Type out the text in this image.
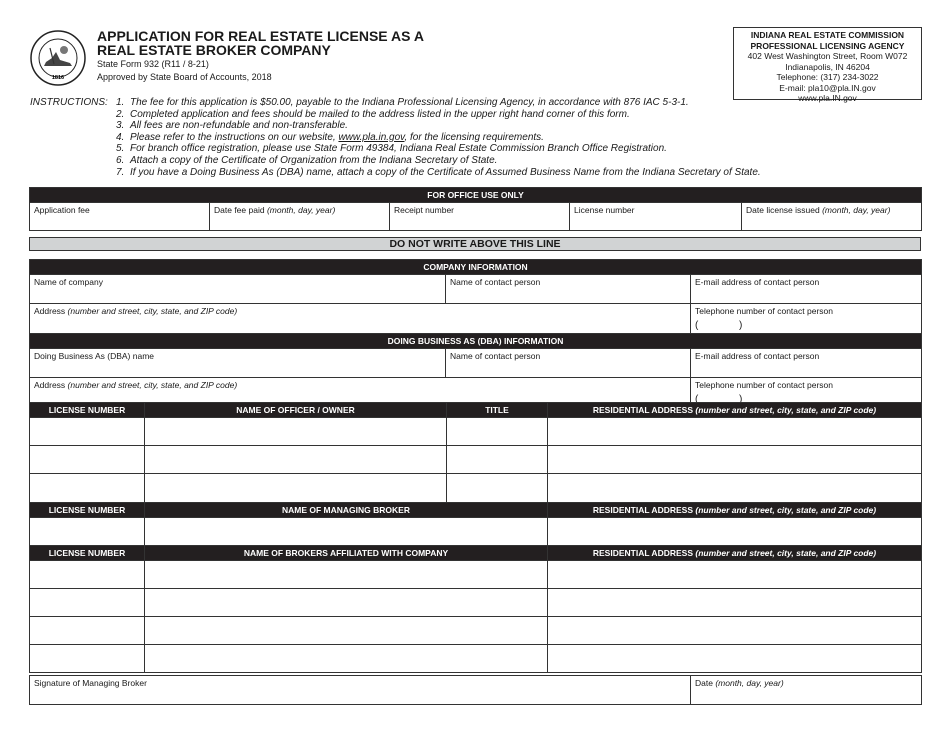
1816
APPLICATION FOR REAL ESTATE LICENSE AS A
REAL ESTATE BROKER COMPANY
State Form 932 (R11 / 8-21)
Approved by State Board of Accounts, 2018
INDIANA REAL ESTATE COMMISSION
PROFESSIONAL LICENSING AGENCY
402 West Washington Street, Room W072
Indianapolis, IN 46204
Telephone: (317) 234-3022
E-mail: pla10@pla.IN.gov
www.pla.IN.gov
INSTRUCTIONS: 1. The fee for this application is $50.00, payable to the Indiana Professional Licensing Agency, in accordance with 876 IAC 5-3-1.
2. Completed application and fees should be mailed to the address listed in the upper right hand corner of this form.
3. All fees are non-refundable and non-transferable.
4. Please refer to the instructions on our website, www.pla.in.gov, for the licensing requirements.
5. For branch office registration, please use State Form 49384, Indiana Real Estate Commission Branch Office Registration.
6. Attach a copy of the Certificate of Organization from the Indiana Secretary of State.
7. If you have a Doing Business As (DBA) name, attach a copy of the Certificate of Assumed Business Name from the Indiana Secretary of State.
FOR OFFICE USE ONLY
Application fee	Date fee paid (month, day, year)	Receipt number	License number	Date license issued (month, day, year)
DO NOT WRITE ABOVE THIS LINE
COMPANY INFORMATION		
Name of company	Name of contact person	E-mail address of contact person
Address (number and street, city, state, and ZIP code)		Telephone number of contact person
( )

DOING BUSINESS AS (DBA) INFORMATION		
Doing Business As (DBA) name	Name of contact person	E-mail address of contact person
Address (number and street, city, state, and ZIP code)		Telephone number of contact person
( )
LICENSE NUMBER	NAME OF OFFICER / OWNER	TITLE	RESIDENTIAL ADDRESS (number and street, city, state, and ZIP code)

LICENSE NUMBER	NAME OF MANAGING BROKER		RESIDENTIAL ADDRESS (number and street, city, state, and ZIP code)

LICENSE NUMBER	NAME OF BROKERS AFFILIATED WITH COMPANY		RESIDENTIAL ADDRESS (number and street, city, state, and ZIP code)

Signature of Managing Broker	Date (month, day, year)
